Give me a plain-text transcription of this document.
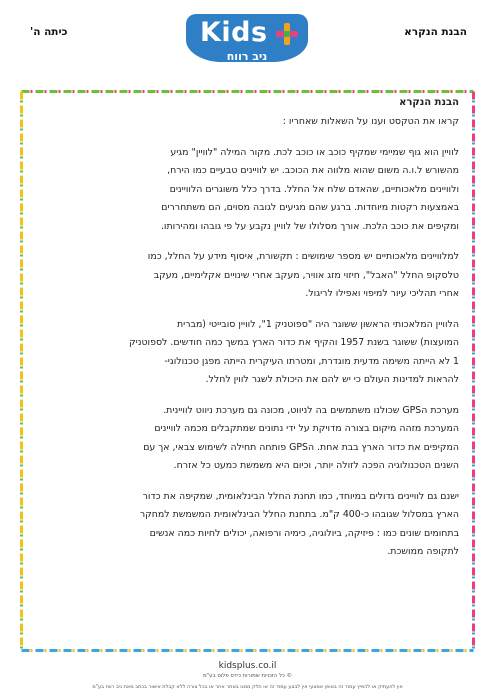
הבנת הנקרא
כיתה ה'	Kids
ניב רווח
הבנת הנקרא

קראו את הטקסט וענו על השאלות שאחריו :

לוויין הוא גוף שמיימי שמקיף כוכב או כוכב לכת. מקור המילה "לוויין" מגיע
מהשורש ל.ו.ה משום שהוא מלווה את הכוכב. יש לוויינים טבעיים כמו הירח,
ולוויינים מלאכותיים, שהאדם שלח אל החלל. בדרך כלל משוגרים הלוויינים
באמצעות רקטות מיוחדות. ברגע שהם מגיעים לגובה מסוים, הם משתחררים
ומקיפים את כוכב הלכת. אורך מסלולו של לוויין נקבע על פי גובהו ומהירותו.
למלוויינים מלאכותיים יש מספר שימושים : תקשורת, איסוף מידע על החלל, כמו
טלסקופ החלל "האבל", חיזוי מזג אוויר, מעקב אחרי שינויים אקלימיים, מעקב
אחרי תהליכי עיור למיפוי ואפילו לריגול.
הלוויין המלאכותי הראשון ששוגר היה "ספוטניק 1", לוויין סובייטי (מברית
המועצות) ששוגר בשנת 1957 והקיף את כדור הארץ במשך כמה חודשים. לספוטניק
1 לא הייתה משימה מדעית מוגדרת, ומטרתו העיקרית הייתה מפגן טכנולוגי-
להראות למדינות העולם כי יש להם את היכולת לשגר לווין לחלל.
מערכת הGPS שכולנו משתמשים בה לניווט, מכונה גם מערכת ניווט לוויינית.
המערכת מזהה מיקום בצורה מדויקת על ידי נתונים שמתקבלים מכמה לוויינים
המקיפים את כדור הארץ בבת אחת. הGPS פותחה תחילה לשימוש צבאי, אך עם
השנים הטכנולוגיה הפכה לזולה יותר, וכיום היא משמשת כמעט כל אזרח.
ישנם גם לוויינים גדולים במיוחד, כמו תחנת החלל הבינלאומית, שמקיפה את כדור
הארץ במסלול שגובהו כ-400 ק"מ. בתחנת החלל הבינלאומית המשמשת למחקר
בתחומים שונים כמו : פיזיקה, ביולוגיה, כימיה ורפואה, יכולים לחיות כמה אנשים
לתקופה ממושכת.
kidsplus.co.il
© כל הזכויות שמורות כידס פלוס בע"מ
אין להעתיק או להפיץ עמוד זה באופן אמצעי אין לבצע עמוד זה או חלק ממנו באתר אחר או בכל צורה ללא קבלת אישור בכתב מאת ניב רווח בע"מ
